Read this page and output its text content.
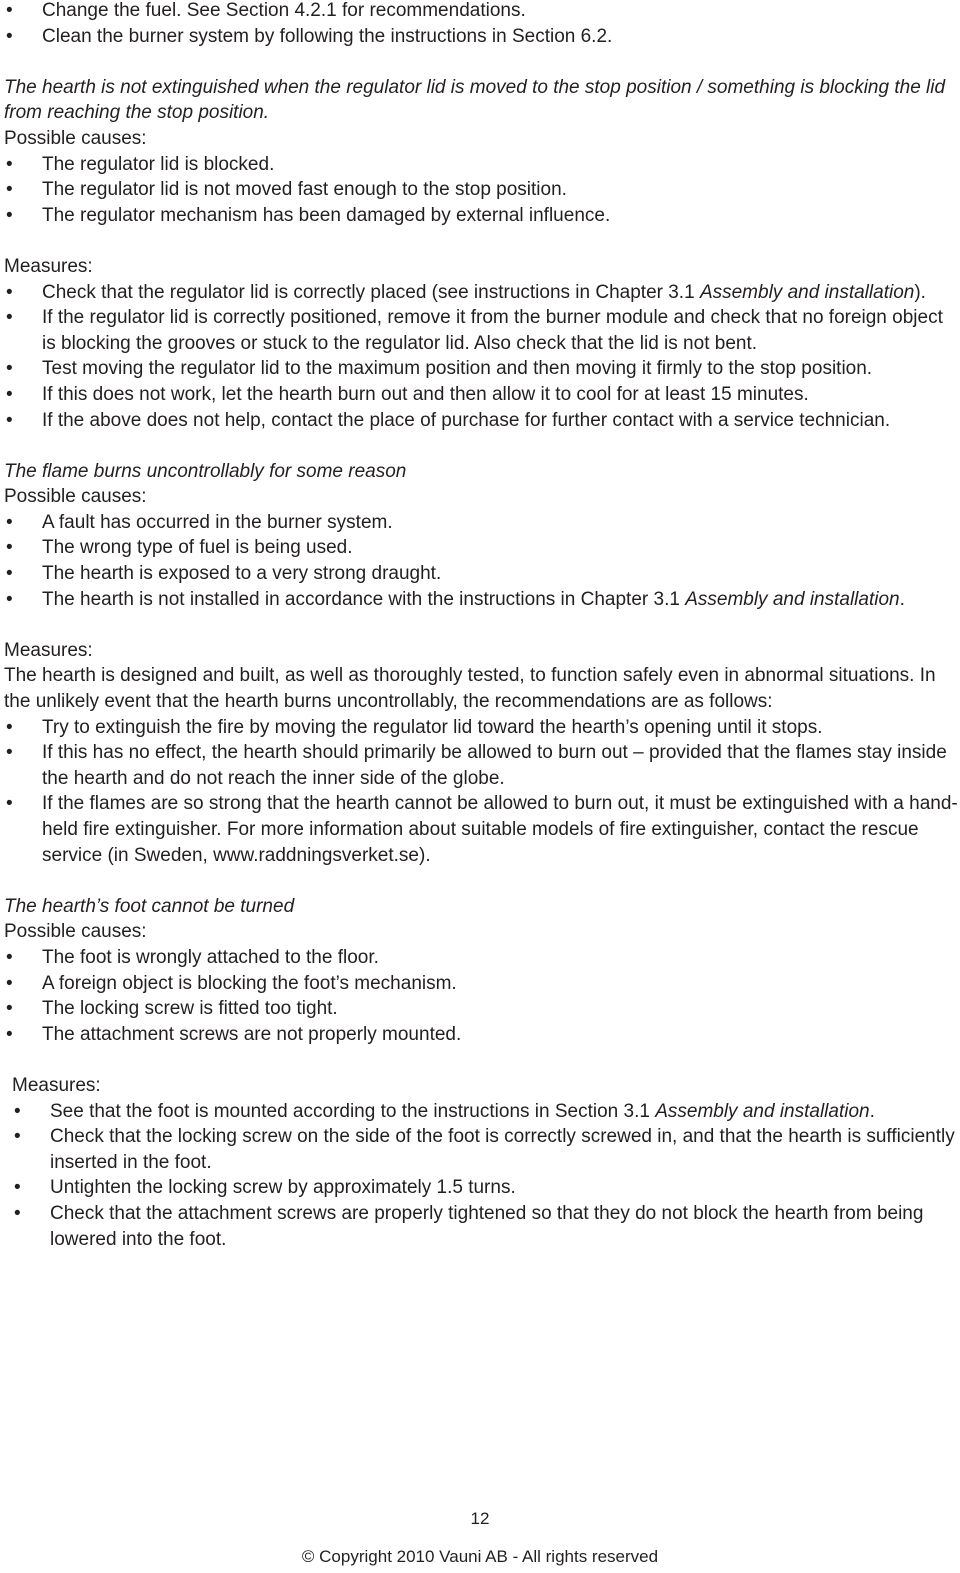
• Change the fuel. See Section 4.2.1 for recommendations.
• Clean the burner system by following the instructions in Section 6.2.
The hearth is not extinguished when the regulator lid is moved to the stop position / something is blocking the lid from reaching the stop position.
Possible causes:
• The regulator lid is blocked.
• The regulator lid is not moved fast enough to the stop position.
• The regulator mechanism has been damaged by external influence.
Measures:
• Check that the regulator lid is correctly placed (see instructions in Chapter 3.1 Assembly and installation).
• If the regulator lid is correctly positioned, remove it from the burner module and check that no foreign object is blocking the grooves or stuck to the regulator lid. Also check that the lid is not bent.
• Test moving the regulator lid to the maximum position and then moving it firmly to the stop position.
• If this does not work, let the hearth burn out and then allow it to cool for at least 15 minutes.
• If the above does not help, contact the place of purchase for further contact with a service technician.
The flame burns uncontrollably for some reason
Possible causes:
• A fault has occurred in the burner system.
• The wrong type of fuel is being used.
• The hearth is exposed to a very strong draught.
• The hearth is not installed in accordance with the instructions in Chapter 3.1 Assembly and installation.
Measures:
The hearth is designed and built, as well as thoroughly tested, to function safely even in abnormal situations. In the unlikely event that the hearth burns uncontrollably, the recommendations are as follows:
• Try to extinguish the fire by moving the regulator lid toward the hearth’s opening until it stops.
• If this has no effect, the hearth should primarily be allowed to burn out – provided that the flames stay inside the hearth and do not reach the inner side of the globe.
• If the flames are so strong that the hearth cannot be allowed to burn out, it must be extinguished with a hand-held fire extinguisher. For more information about suitable models of fire extinguisher, contact the rescue service (in Sweden, www.raddningsverket.se).
The hearth’s foot cannot be turned
Possible causes:
• The foot is wrongly attached to the floor.
• A foreign object is blocking the foot’s mechanism.
• The locking screw is fitted too tight.
• The attachment screws are not properly mounted.
Measures:
• See that the foot is mounted according to the instructions in Section 3.1 Assembly and installation.
• Check that the locking screw on the side of the foot is correctly screwed in, and that the hearth is sufficiently inserted in the foot.
• Untighten the locking screw by approximately 1.5 turns.
• Check that the attachment screws are properly tightened so that they do not block the hearth from being lowered into the foot.
12
© Copyright 2010 Vauni AB - All rights reserved
